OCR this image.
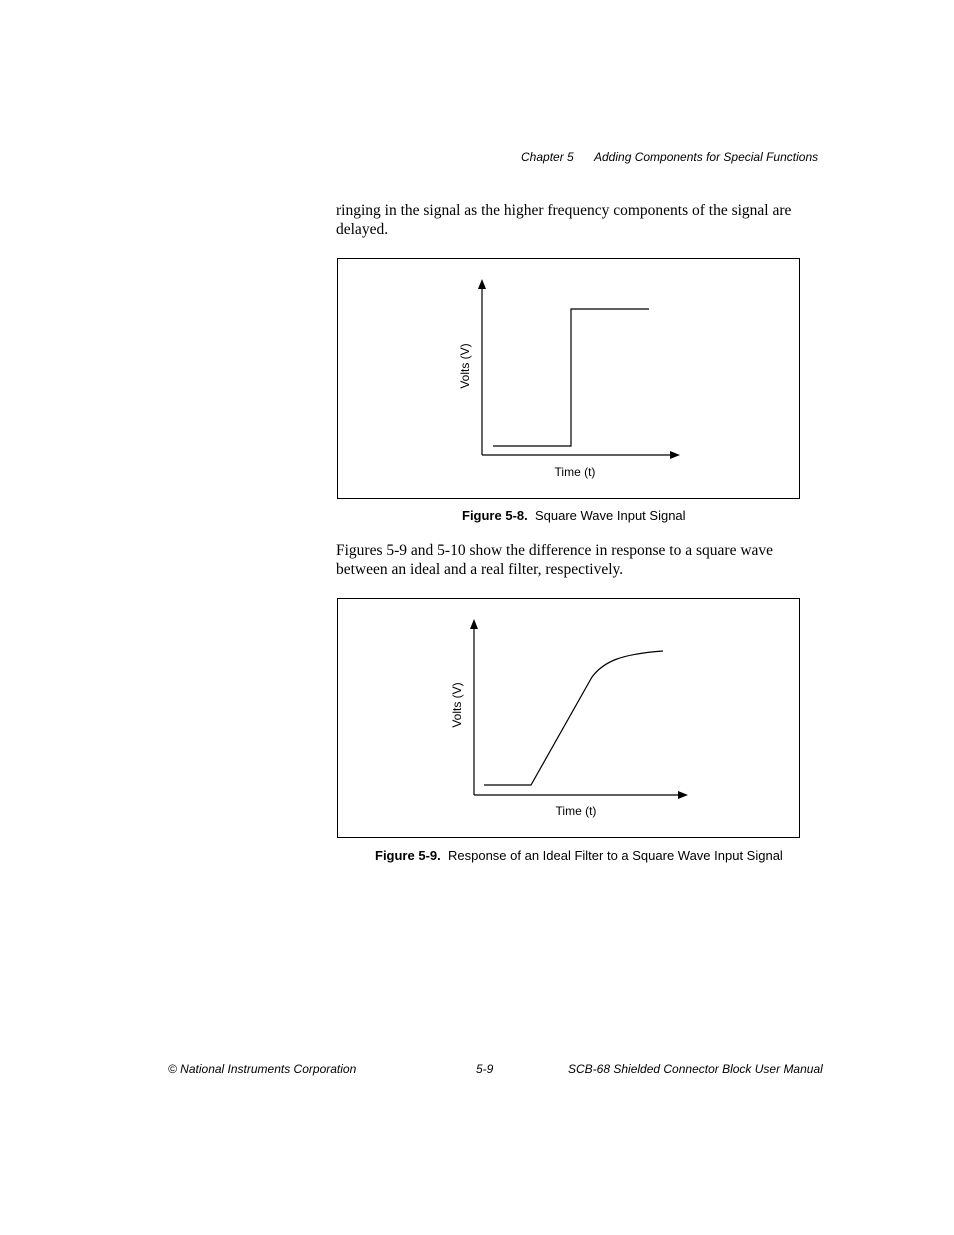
Chapter 5 Adding Components for Special Functions

ringing in the signal as the higher frequency components of the signal are delayed.

Time (t)
Volts (V)
Figure 5-8. Square Wave Input Signal

Figures 5-9 and 5-10 show the difference in response to a square wave between an ideal and a real filter, respectively.

Time (t)
Volts (V)
Figure 5-9. Response of an Ideal Filter to a Square Wave Input Signal
© National Instruments Corporation	5-9	SCB-68 Shielded Connector Block User Manual
